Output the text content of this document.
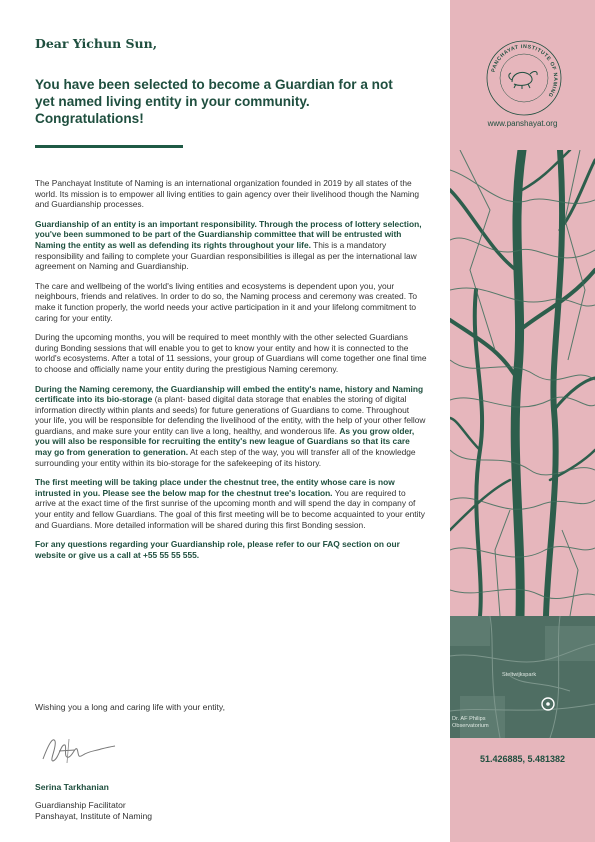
Dear Yichun Sun,

You have been selected to become a Guardian for a not yet named living entity in your community. Congratulations!

The Panchayat Institute of Naming is an international organization founded in 2019 by all states of the world. Its mission is to empower all living entities to gain agency over their livelihood though the Naming and Guardianship processes.

Guardianship of an entity is an important responsibility. Through the process of lottery selection, you've been summoned to be part of the Guardianship committee that will be entrusted with Naming the entity as well as defending its rights throughout your life. This is a mandatory responsibility and failing to complete your Guardian responsibilities is illegal as per the international law agreement on Naming and Guardianship.

The care and wellbeing of the world's living entities and ecosystems is dependent upon you, your neighbours, friends and relatives. In order to do so, the Naming process and ceremony was created. To make it function properly, the world needs your active participation in it and your lifelong commitment to caring for your entity.

During the upcoming months, you will be required to meet monthly with the other selected Guardians during Bonding sessions that will enable you to get to know your entity and how it is connected to the world's ecosystems. After a total of 11 sessions, your group of Guardians will come together one final time to choose and officially name your entity during the prestigious Naming ceremony.

During the Naming ceremony, the Guardianship will embed the entity's name, history and Naming certificate into its bio-storage (a plant- based digital data storage that enables the storing of digital information directly within plants and seeds) for future generations of Guardians to come. Throughout your life, you will be responsible for defending the livelihood of the entity, with the help of your other fellow guardians, and make sure your entity can live a long, healthy, and wonderous life. As you grow older, you will also be responsible for recruiting the entity's new league of Guardians so that its care may go from generation to generation. At each step of the way, you will transfer all of the knowledge surrounding your entity within its bio-storage for the safekeeping of its history.

The first meeting will be taking place under the chestnut tree, the entity whose care is now intrusted in you. Please see the below map for the chestnut tree's location. You are required to arrive at the exact time of the first sunrise of the upcoming month and will spend the day in company of your entity and fellow Guardians. The goal of this first meeting will be to become acquainted to your entity and Guardians. More detailed information will be shared during this first Bonding session.

For any questions regarding your Guardianship role, please refer to our FAQ section on our website or give us a call at +55 55 55 555.

Wishing you a long and caring life with your entity,
Serina Tarkhanian
Guardianship Facilitator
Panshayat, Institute of Naming
PANCHAYAT INSTITUTE OF NAMING
www.panshayat.org
Steltwijkspark
Dr. AF Philips
Observatorium
51.426885, 5.481382
